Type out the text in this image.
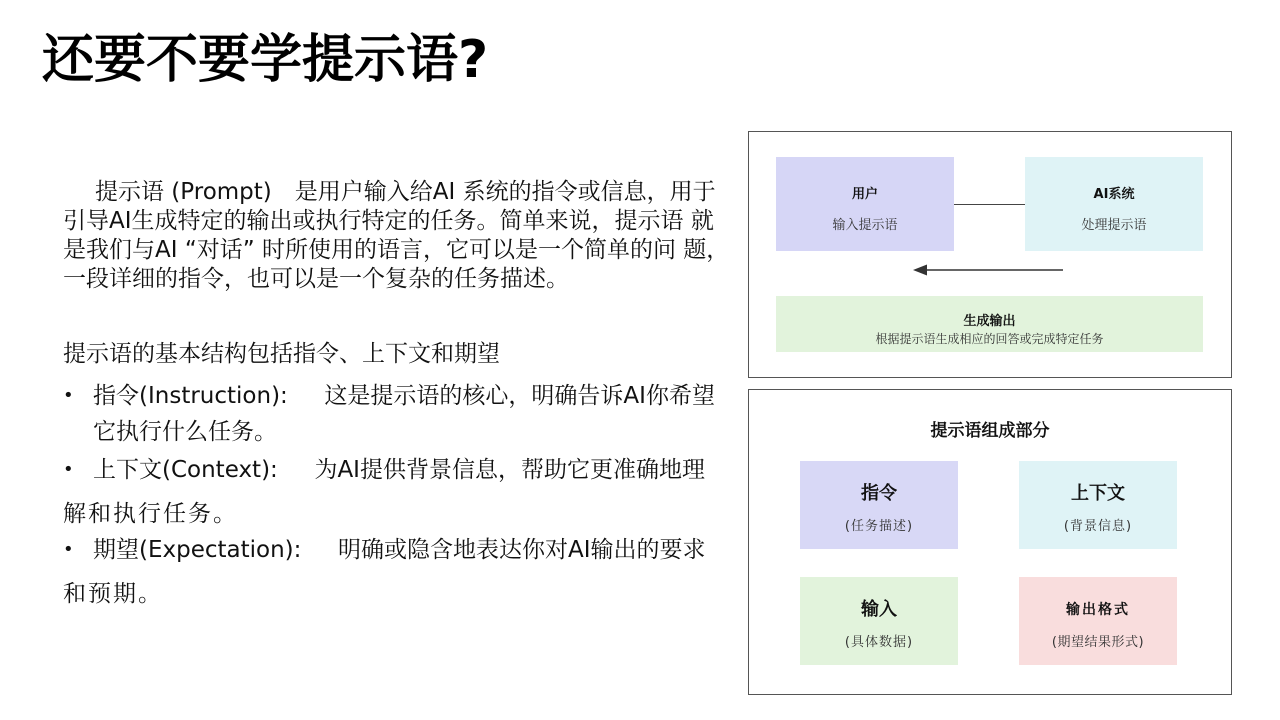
还要不要学提示语?

提示语 (Prompt)　是用户输入给AI 系统的指令或信息，用于引导AI生成特定的输出或执行特定的任务。简单来说，提示语 就是我们与AI “对话” 时所使用的语言，它可以是一个简单的问 题，一段详细的指令，也可以是一个复杂的任务描述。

提示语的基本结构包括指令、上下文和期望

• 指令(Instruction): 这是提示语的核心，明确告诉AI你希望 它执行什么任务。
• 上下文(Context): 为AI提供背景信息，帮助它更准确地理
解和执行任务。
• 期望(Expectation): 明确或隐含地表达你对AI输出的要求
和预期。
用户
输入提示语
AI系统
处理提示语
生成输出
根据提示语生成相应的回答或完成特定任务
提示语组成部分
指令
(任务描述)
上下文
(背景信息)
输入
(具体数据)
输出格式
(期望结果形式)
